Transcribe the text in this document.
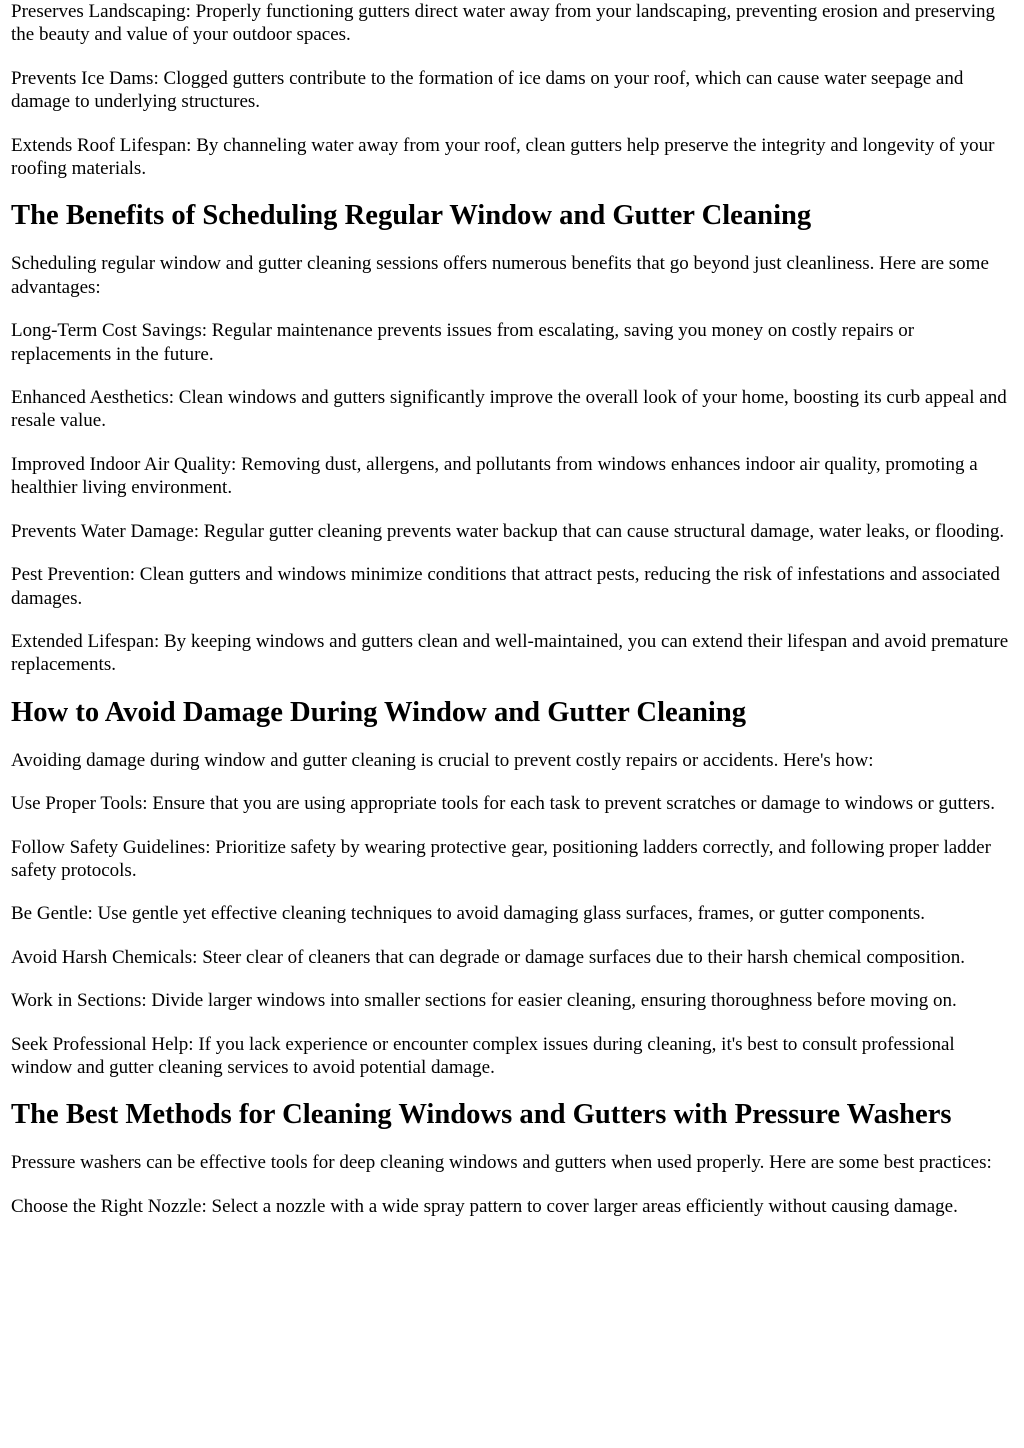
Preserves Landscaping: Properly functioning gutters direct water away from your landscaping, preventing erosion and preserving the beauty and value of your outdoor spaces.

Prevents Ice Dams: Clogged gutters contribute to the formation of ice dams on your roof, which can cause water seepage and damage to underlying structures.

Extends Roof Lifespan: By channeling water away from your roof, clean gutters help preserve the integrity and longevity of your roofing materials.

The Benefits of Scheduling Regular Window and Gutter Cleaning

Scheduling regular window and gutter cleaning sessions offers numerous benefits that go beyond just cleanliness. Here are some advantages:

Long-Term Cost Savings: Regular maintenance prevents issues from escalating, saving you money on costly repairs or replacements in the future.

Enhanced Aesthetics: Clean windows and gutters significantly improve the overall look of your home, boosting its curb appeal and resale value.

Improved Indoor Air Quality: Removing dust, allergens, and pollutants from windows enhances indoor air quality, promoting a healthier living environment.

Prevents Water Damage: Regular gutter cleaning prevents water backup that can cause structural damage, water leaks, or flooding.

Pest Prevention: Clean gutters and windows minimize conditions that attract pests, reducing the risk of infestations and associated damages.

Extended Lifespan: By keeping windows and gutters clean and well-maintained, you can extend their lifespan and avoid premature replacements.

How to Avoid Damage During Window and Gutter Cleaning

Avoiding damage during window and gutter cleaning is crucial to prevent costly repairs or accidents. Here's how:

Use Proper Tools: Ensure that you are using appropriate tools for each task to prevent scratches or damage to windows or gutters.

Follow Safety Guidelines: Prioritize safety by wearing protective gear, positioning ladders correctly, and following proper ladder safety protocols.

Be Gentle: Use gentle yet effective cleaning techniques to avoid damaging glass surfaces, frames, or gutter components.

Avoid Harsh Chemicals: Steer clear of cleaners that can degrade or damage surfaces due to their harsh chemical composition.

Work in Sections: Divide larger windows into smaller sections for easier cleaning, ensuring thoroughness before moving on.

Seek Professional Help: If you lack experience or encounter complex issues during cleaning, it's best to consult professional window and gutter cleaning services to avoid potential damage.

The Best Methods for Cleaning Windows and Gutters with Pressure Washers

Pressure washers can be effective tools for deep cleaning windows and gutters when used properly. Here are some best practices:

Choose the Right Nozzle: Select a nozzle with a wide spray pattern to cover larger areas efficiently without causing damage.
